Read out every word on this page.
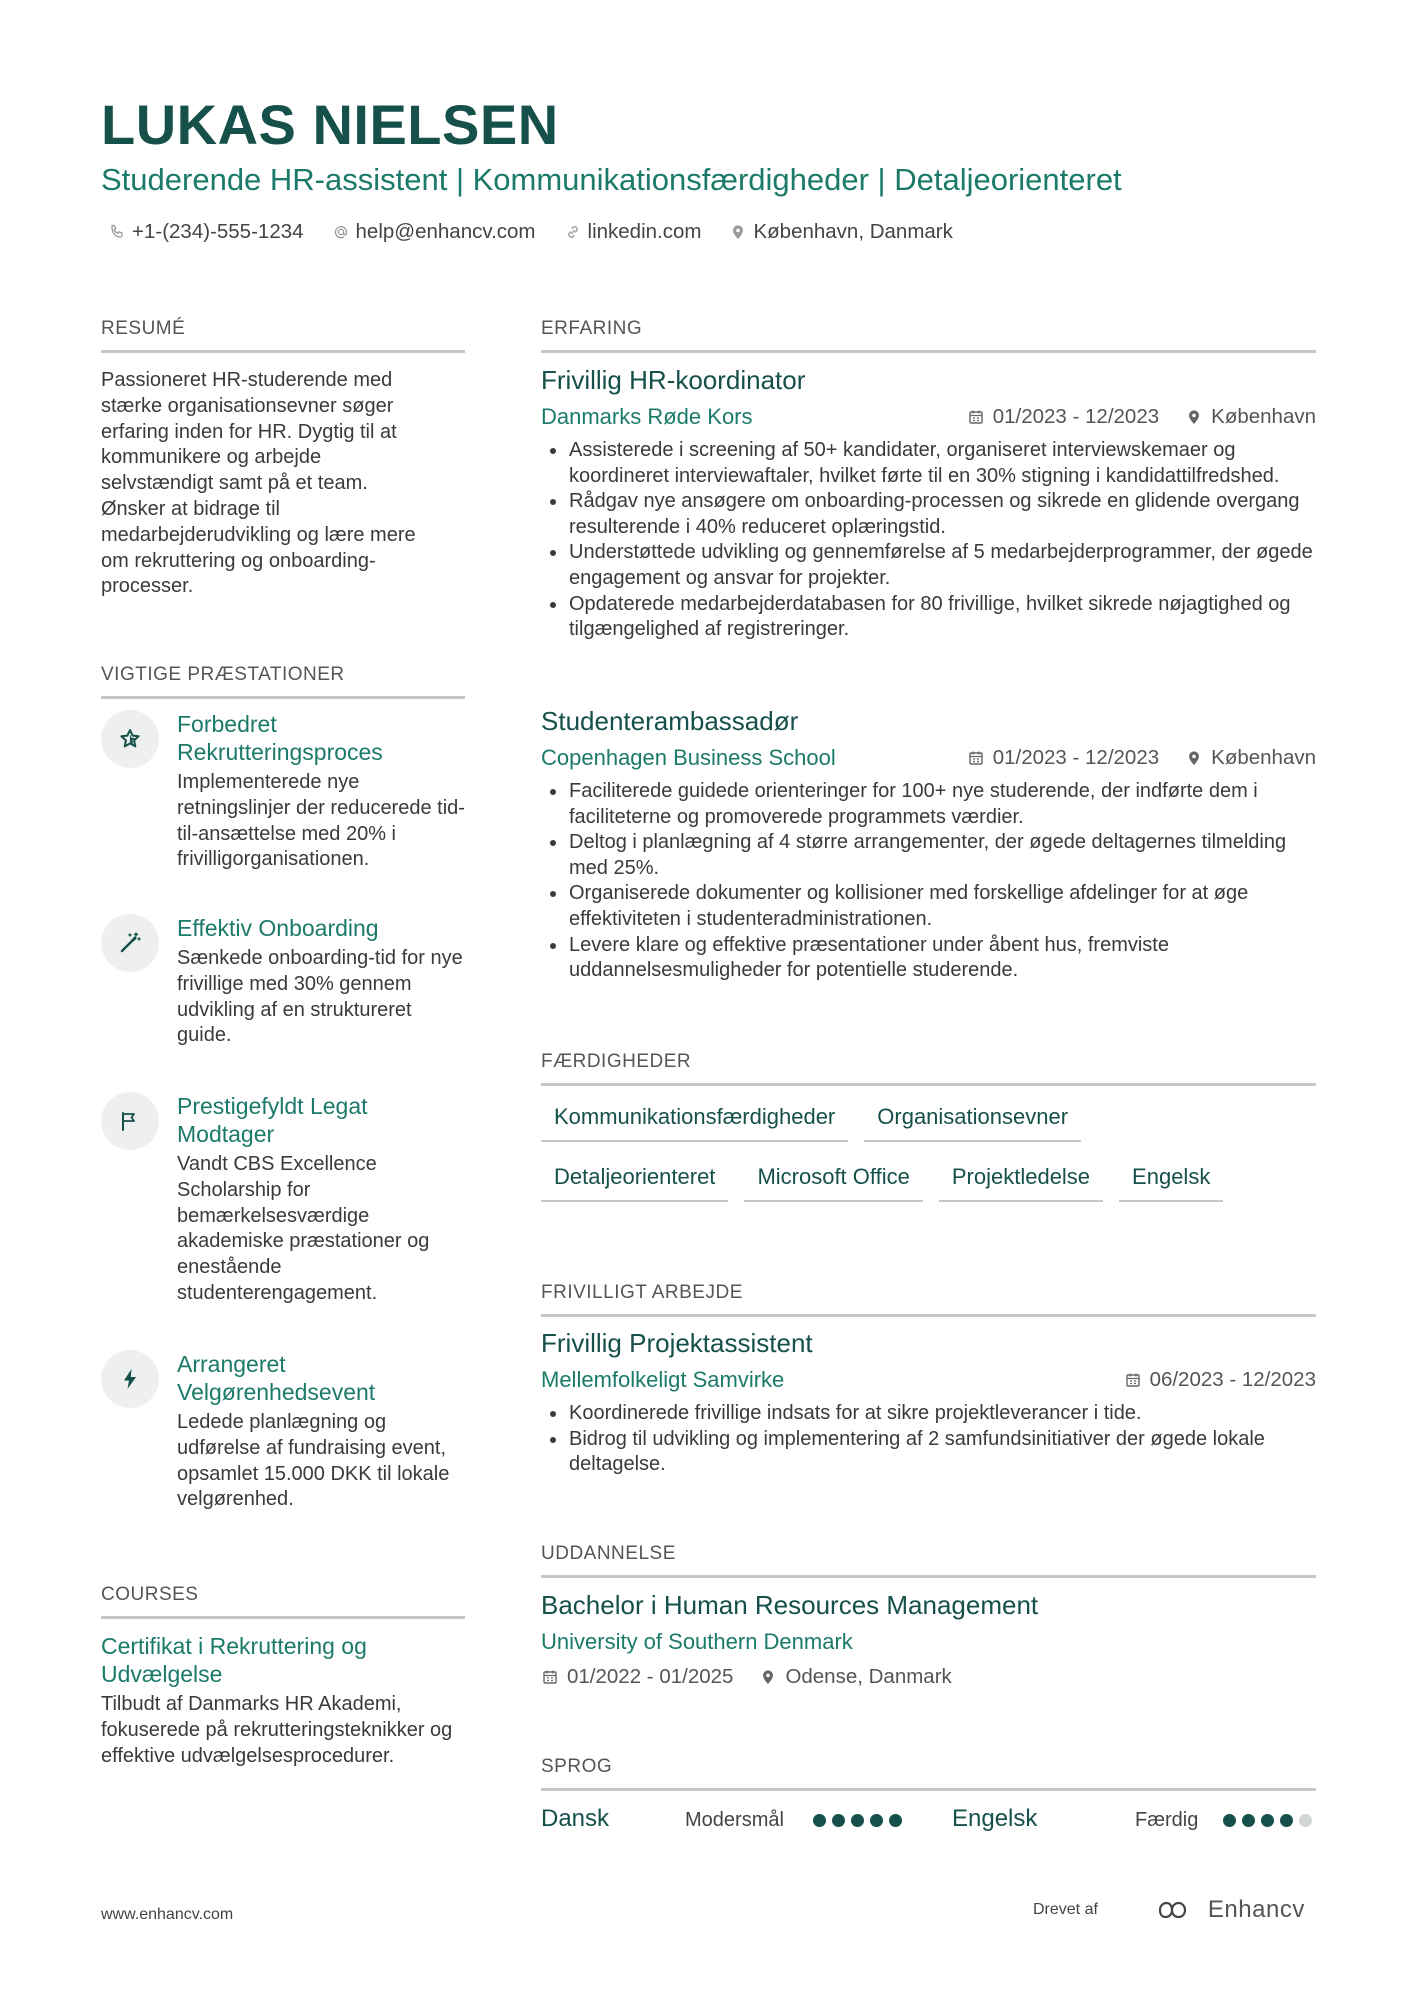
LUKAS NIELSEN
Studerende HR-assistent | Kommunikationsfærdigheder | Detaljeorienteret
+1-(234)-555-1234	help@enhancv.com	linkedin.com	København, Danmark
RESUMÉ
Passioneret HR-studerende med
stærke organisationsevner søger
erfaring inden for HR. Dygtig til at
kommunikere og arbejde
selvstændigt samt på et team.
Ønsker at bidrage til
medarbejderudvikling og lære mere
om rekruttering og onboarding-
processer.
VIGTIGE PRÆSTATIONER
Forbedret Rekrutteringsproces
Implementerede nye retningslinjer der reducerede tid-til-ansættelse med 20% i frivilligorganisationen.
Effektiv Onboarding
Sænkede onboarding-tid for nye frivillige med 30% gennem udvikling af en struktureret guide.
Prestigefyldt Legat Modtager
Vandt CBS Excellence Scholarship for bemærkelsesværdige akademiske præstationer og enestående studenterengagement.
Arrangeret Velgørenhedsevent
Ledede planlægning og udførelse af fundraising event, opsamlet 15.000 DKK til lokale velgørenhed.
COURSES
Certifikat i Rekruttering og Udvælgelse
Tilbudt af Danmarks HR Akademi, fokuserede på rekrutteringsteknikker og effektive udvælgelsesprocedurer.
ERFARING
Frivillig HR-koordinator
Danmarks Røde Kors	01/2023 - 12/2023	København
Assisterede i screening af 50+ kandidater, organiseret interviewskemaer og koordineret interviewaftaler, hvilket førte til en 30% stigning i kandidattilfredshed.
Rådgav nye ansøgere om onboarding-processen og sikrede en glidende overgang resulterende i 40% reduceret oplæringstid.
Understøttede udvikling og gennemførelse af 5 medarbejderprogrammer, der øgede engagement og ansvar for projekter.
Opdaterede medarbejderdatabasen for 80 frivillige, hvilket sikrede nøjagtighed og tilgængelighed af registreringer.
Studenterambassadør
Copenhagen Business School	01/2023 - 12/2023	København
Faciliterede guidede orienteringer for 100+ nye studerende, der indførte dem i faciliteterne og promoverede programmets værdier.
Deltog i planlægning af 4 større arrangementer, der øgede deltagernes tilmelding med 25%.
Organiserede dokumenter og kollisioner med forskellige afdelinger for at øge effektiviteten i studenteradministrationen.
Levere klare og effektive præsentationer under åbent hus, fremviste uddannelsesmuligheder for potentielle studerende.
FÆRDIGHEDER
Kommunikationsfærdigheder	Organisationsevner
Detaljeorienteret	Microsoft Office	Projektledelse	Engelsk
FRIVILLIGT ARBEJDE
Frivillig Projektassistent
Mellemfolkeligt Samvirke	06/2023 - 12/2023
Koordinerede frivillige indsats for at sikre projektleverancer i tide.
Bidrog til udvikling og implementering af 2 samfundsinitiativer der øgede lokale deltagelse.
UDDANNELSE
Bachelor i Human Resources Management
University of Southern Denmark
01/2022 - 01/2025	Odense, Danmark
SPROG
Dansk	Modersmål	Engelsk	Færdig
www.enhancv.com	Drevet af	Enhancv
